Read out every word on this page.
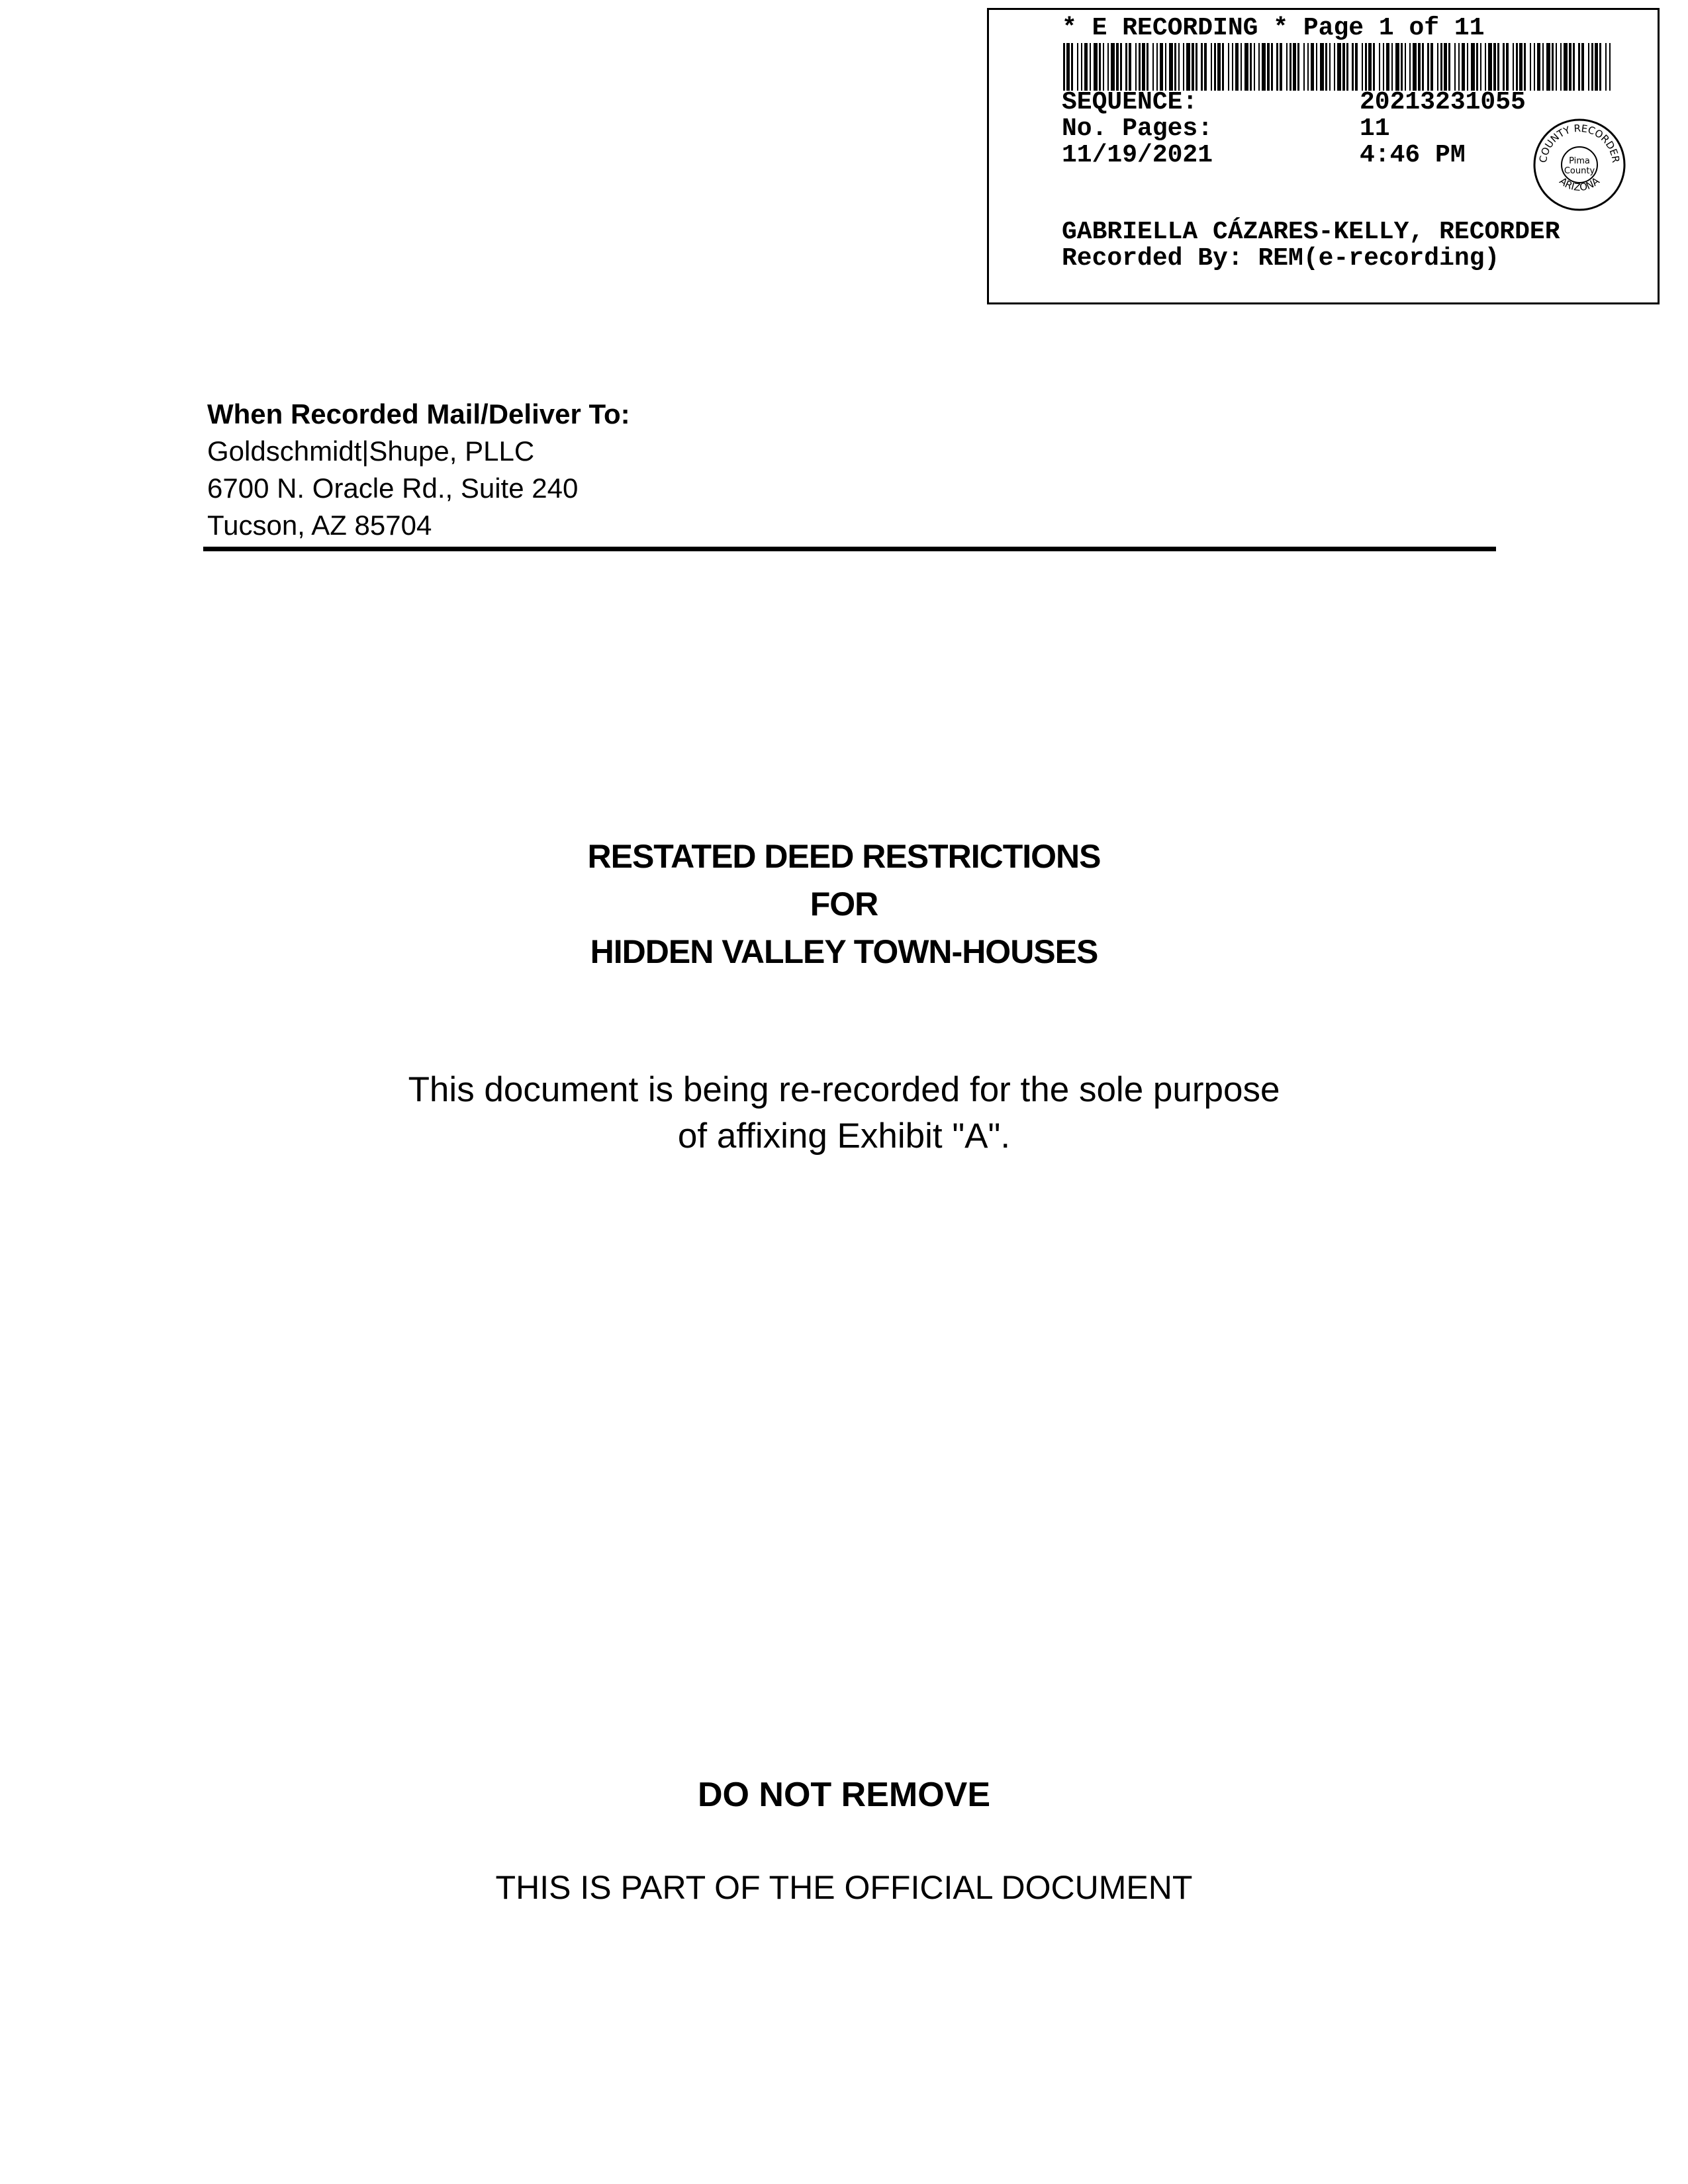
* E RECORDING * Page 1 of 11
SEQUENCE:	20213231055
No. Pages:	11
11/19/2021	4:46 PM	COUNTY RECORDER
ARIZONA
Pima
County
GABRIELLA CÁZARES-KELLY, RECORDER
Recorded By: REM(e-recording)
When Recorded Mail/Deliver To:
Goldschmidt|Shupe, PLLC
6700 N. Oracle Rd., Suite 240
Tucson, AZ 85704
RESTATED DEED RESTRICTIONS
FOR
HIDDEN VALLEY TOWN-HOUSES
This document is being re-recorded for the sole purpose
of affixing Exhibit "A".
DO NOT REMOVE
THIS IS PART OF THE OFFICIAL DOCUMENT
